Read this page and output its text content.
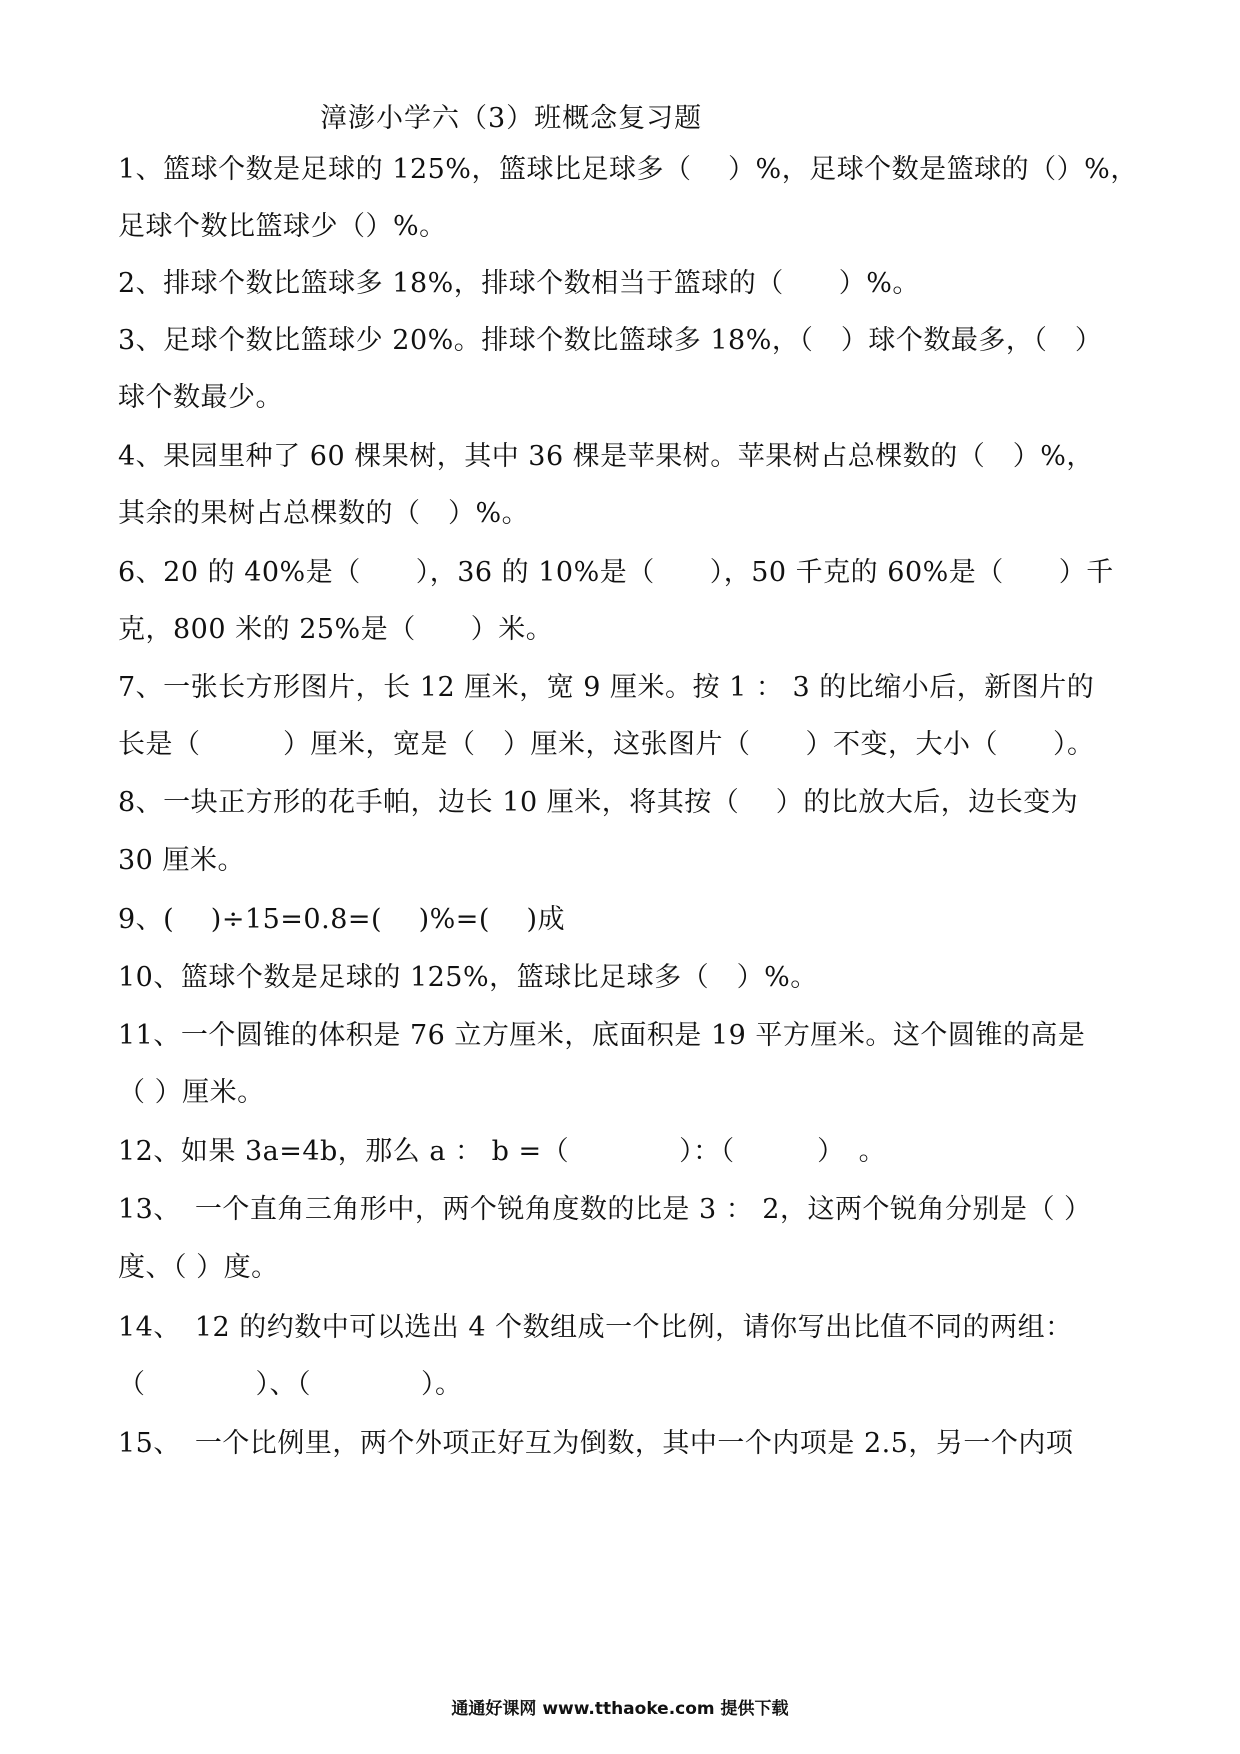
漳澎小学六（3）班概念复习题
1、篮球个数是足球的 125%，篮球比足球多（　 ）%，足球个数是篮球的（）%，
足球个数比篮球少（）%。
2、排球个数比篮球多 18%，排球个数相当于篮球的（　　）%。
3、足球个数比篮球少 20%。排球个数比篮球多 18%，（　）球个数最多，（　）
球个数最少。
4、果园里种了 60 棵果树，其中 36 棵是苹果树。苹果树占总棵数的（　）%，
其余的果树占总棵数的（　）%。
6、20 的 40%是（　　），36 的 10%是（　　），50 千克的 60%是（　　）千
克，800 米的 25%是（　　）米。
7、一张长方形图片，长 12 厘米，宽 9 厘米。按 1 ： 3 的比缩小后，新图片的
长是（　　　）厘米，宽是（　）厘米，这张图片（　　）不变，大小（　　）。
8、一块正方形的花手帕，边长 10 厘米，将其按（　 ）的比放大后，边长变为
30 厘米。
9、(　 )÷15=0.8=(　 )%=(　 )成
10、篮球个数是足球的 125%，篮球比足球多（　）%。
11、一个圆锥的体积是 76 立方厘米，底面积是 19 平方厘米。这个圆锥的高是
（ ）厘米。
12、如果 3a=4b，那么 a ： b =（　　　　）：（　　　）　。
13、　一个直角三角形中，两个锐角度数的比是 3 ： 2，这两个锐角分别是（ ）
度、（ ）度。
14、　12 的约数中可以选出 4 个数组成一个比例，请你写出比值不同的两组：
（　　　　）、（　　　　）。
15、　一个比例里，两个外项正好互为倒数，其中一个内项是 2.5，另一个内项
通通好课网 www.tthaoke.com 提供下载
